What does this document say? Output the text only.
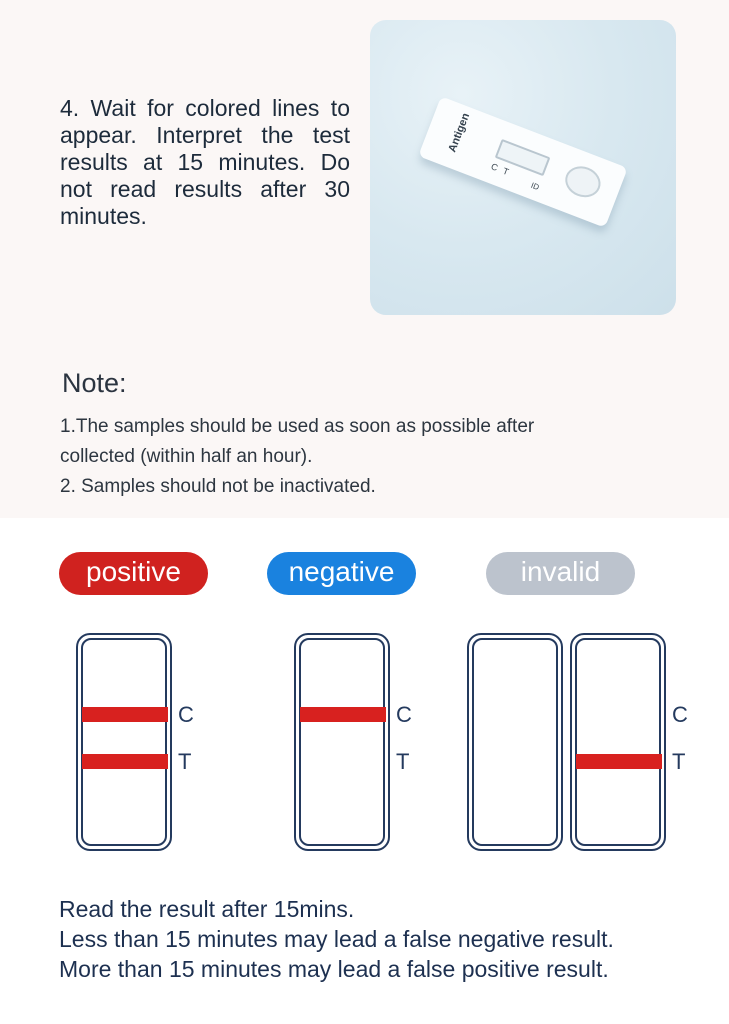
4. Wait for colored lines to appear. Interpret the test results at 15 minutes. Do not read results after 30 minutes.
Antigen
CT
ID
Note:
1.The samples should be used as soon as possible after
collected (within half an hour).
2. Samples should not be inactivated.
positive	negative	invalid
C
T
C
T
C
T
Read the result after 15mins.
Less than 15 minutes may lead a false negative result.
More than 15 minutes may lead a false positive result.
